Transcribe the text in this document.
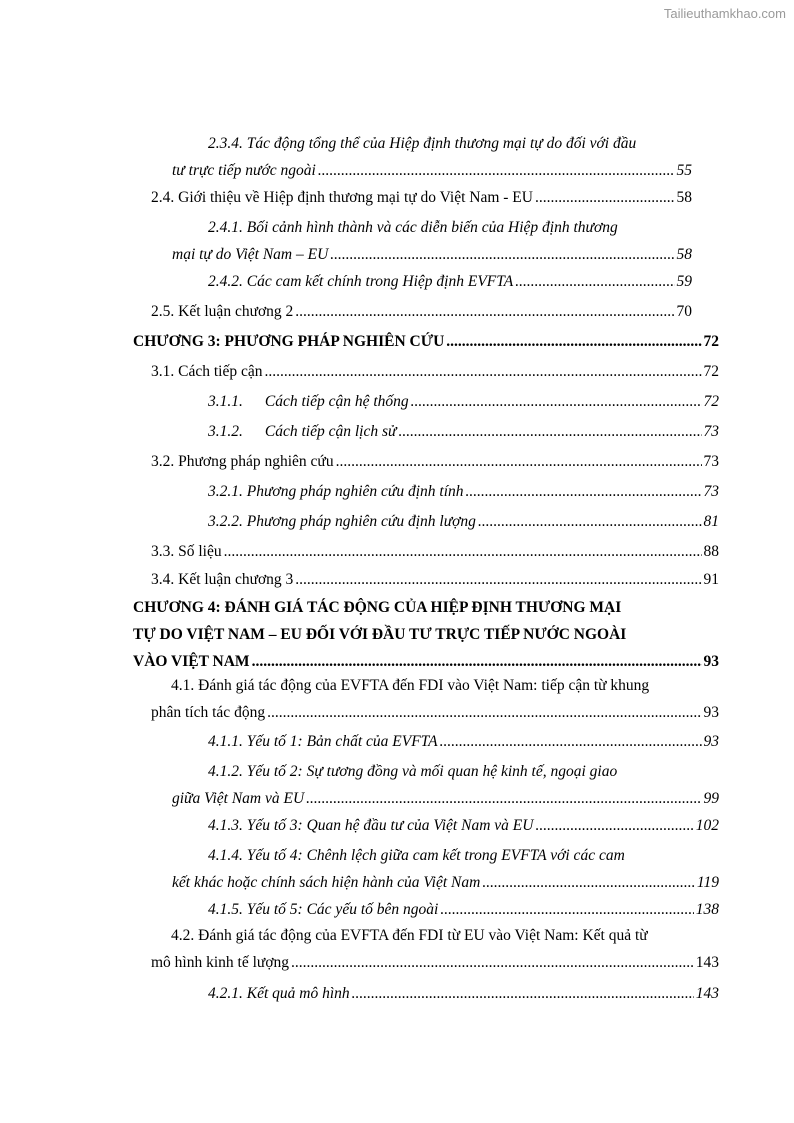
Tailieuthamkhao.com
2.3.4. Tác động tổng thể của Hiệp định thương mại tự do đối với đầu
tư trực tiếp nước ngoài .....	55
2.4. Giới thiệu về Hiệp định thương mại tự do Việt Nam - EU .....	58
2.4.1. Bối cảnh hình thành và các diễn biến của Hiệp định thương
mại tự do Việt Nam – EU .....	58
2.4.2. Các cam kết chính trong Hiệp định EVFTA .....	59
2.5. Kết luận chương 2 .....	70
CHƯƠNG 3: PHƯƠNG PHÁP NGHIÊN CỨU .....	72
3.1. Cách tiếp cận .....	72
3.1.1. Cách tiếp cận hệ thống .....	72
3.1.2. Cách tiếp cận lịch sử .....	73
3.2. Phương pháp nghiên cứu .....	73
3.2.1. Phương pháp nghiên cứu định tính .....	73
3.2.2. Phương pháp nghiên cứu định lượng .....	81
3.3. Số liệu .....	88
3.4. Kết luận chương 3 .....	91
CHƯƠNG 4: ĐÁNH GIÁ TÁC ĐỘNG CỦA HIỆP ĐỊNH THƯƠNG MẠI
TỰ DO VIỆT NAM – EU ĐỐI VỚI ĐẦU TƯ TRỰC TIẾP NƯỚC NGOÀI
VÀO VIỆT NAM .....	93
4.1. Đánh giá tác động của EVFTA đến FDI vào Việt Nam: tiếp cận từ khung
phân tích tác động .....	93
4.1.1. Yếu tố 1: Bản chất của EVFTA .....	93
4.1.2. Yếu tố 2: Sự tương đồng và mối quan hệ kinh tế, ngoại giao
giữa Việt Nam và EU .....	99
4.1.3. Yếu tố 3: Quan hệ đầu tư của Việt Nam và EU .....	102
4.1.4. Yếu tố 4: Chênh lệch giữa cam kết trong EVFTA với các cam
kết khác hoặc chính sách hiện hành của Việt Nam .....	119
4.1.5. Yếu tố 5: Các yếu tố bên ngoài .....	138
4.2. Đánh giá tác động của EVFTA đến FDI từ EU vào Việt Nam: Kết quả từ
mô hình kinh tế lượng .....	143
4.2.1. Kết quả mô hình .....	143
